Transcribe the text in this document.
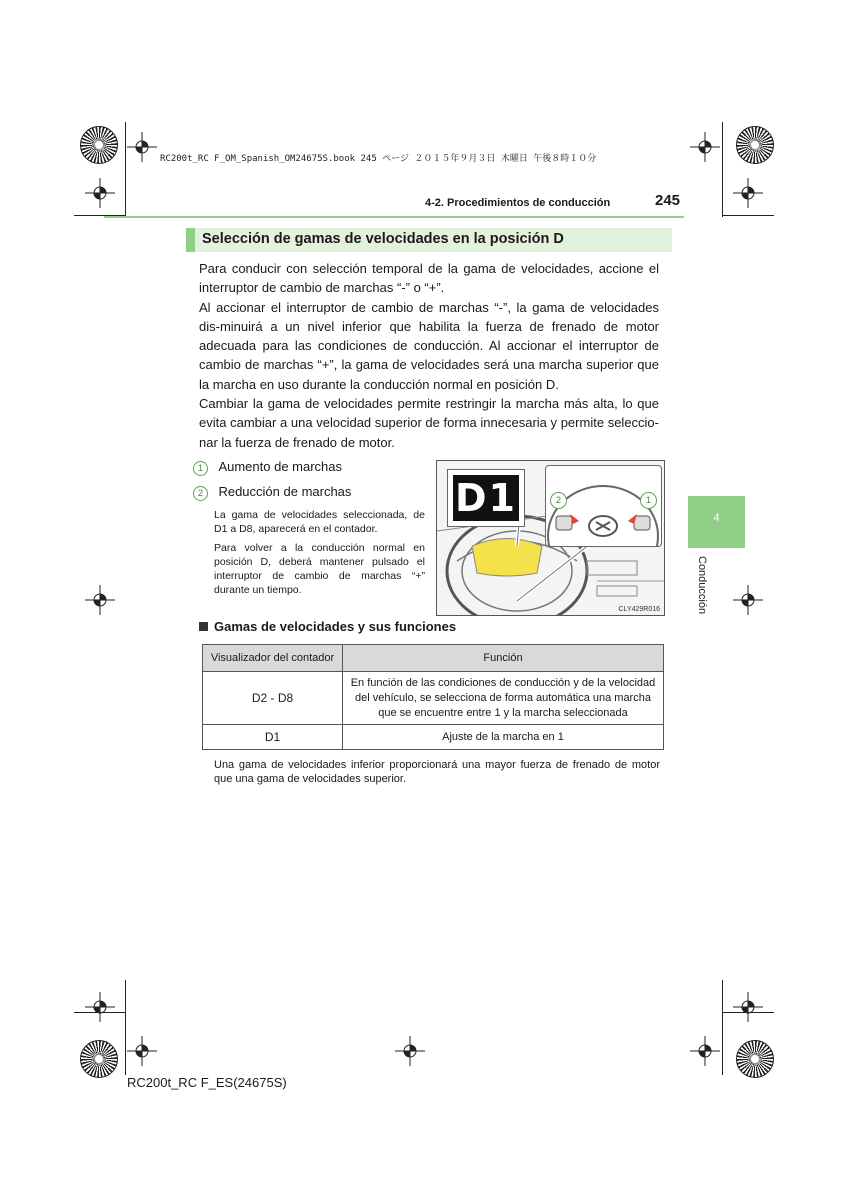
RC200t_RC F_OM_Spanish_OM24675S.book 245 ページ ２０１５年９月３日 木曜日 午後８時１０分
4-2. Procedimientos de conducción	245
4
Conducción
Selección de gamas de velocidades en la posición D

Para conducir con selección temporal de la gama de velocidades, accione el interruptor de cambio de marchas “-” o “+”.

Al accionar el interruptor de cambio de marchas “-”, la gama de velocidades dis-minuirá a un nivel inferior que habilita la fuerza de frenado de motor adecuada para las condiciones de conducción. Al accionar el interruptor de cambio de marchas “+”, la gama de velocidades será una marcha superior que la marcha en uso durante la conducción normal en posición D.

Cambiar la gama de velocidades permite restringir la marcha más alta, lo que evita cambiar a una velocidad superior de forma innecesaria y permite seleccio-nar la fuerza de frenado de motor.

1 Aumento de marchas
2 Reducción de marchas

La gama de velocidades seleccionada, de D1 a D8, aparecerá en el contador.

Para volver a la conducción normal en posición D, deberá mantener pulsado el interruptor de cambio de marchas “+” durante un tiempo.

D1	2	1
CLY429R016
Gamas de velocidades y sus funciones
Visualizador del contador	Función
D2 - D8	En función de las condiciones de conducción y de la velocidad
del vehículo, se selecciona de forma automática una marcha
que se encuentre entre 1 y la marcha seleccionada

D1	Ajuste de la marcha en 1
Una gama de velocidades inferior proporcionará una mayor fuerza de frenado de motor que una gama de velocidades superior.
RC200t_RC F_ES(24675S)
